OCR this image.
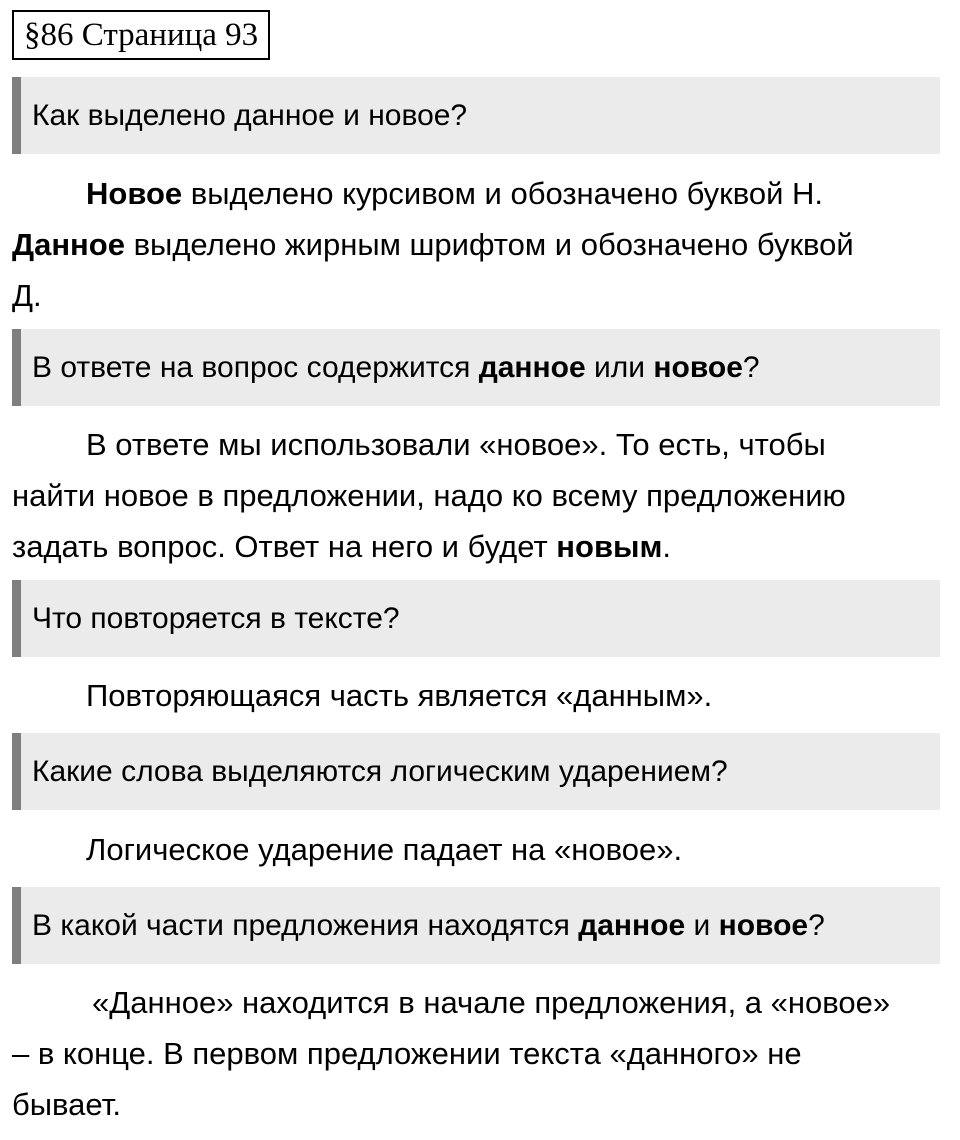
§86 Страница 93
Как выделено данное и новое?
Новое выделено курсивом и обозначено буквой Н.
Данное выделено жирным шрифтом и обозначено буквой
Д.
В ответе на вопрос содержится данное или новое?
В ответе мы использовали «новое». То есть, чтобы
найти новое в предложении, надо ко всему предложению
задать вопрос. Ответ на него и будет новым.
Что повторяется в тексте?
Повторяющаяся часть является «данным».
Какие слова выделяются логическим ударением?
Логическое ударение падает на «новое».
В какой части предложения находятся данное и новое?
«Данное» находится в начале предложения, а «новое»
– в конце. В первом предложении текста «данного» не
бывает.
